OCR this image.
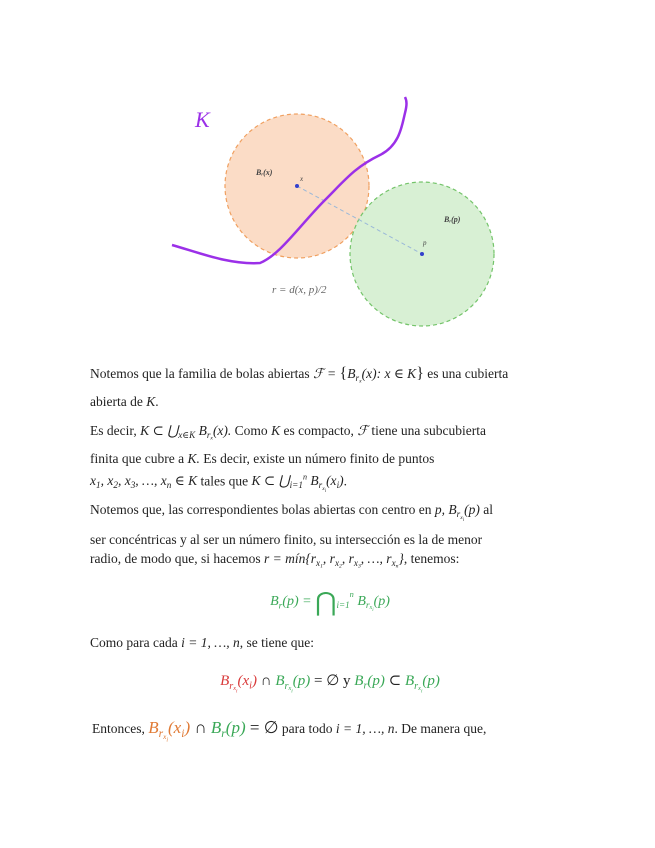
K
Bᵣ(x)
x
Bᵣ(p)
p
r = d(x, p)/2
Notemos que la familia de bolas abiertas ℱ = {$B_{rx}(x)$: x ∈ K} es una cubierta
abierta de K.
Es decir, K ⊂ $⋃_{x\in K}$ $B_{rx}(x)$. Como K es compacto, ℱ tiene una subcubierta
finita que cubre a K. Es decir, existe un número finito de puntos
$x_1$, $x_2$, $x_3$, …, $x_n$ ∈ K tales que K ⊂ $⋃_{i=1}^n$ $B_{rx_i}(x_i)$.
Notemos que, las correspondientes bolas abiertas con centro en p, $B_{rx_i}(p)$ al
ser concéntricas y al ser un número finito, su intersección es la de menor
radio, de modo que, si hacemos $r = mín\{r_{x1}$, $r_{x2}$, $r_{x3}$, …, $r_{xn}$}, tenemos:
$B_r(p)$ = $⋂_{i=1}^n$ $B_{rx_i}(p)$
Como para cada i = 1, …, n, se tiene que:
$B_{rx_i}(x_i)$ ∩ $B_{rx_i}(p)$ = ∅ y $B_r(p)$ ⊂ $B_{rx_i}(p)$
Entonces, $B_{rx_i}(x_i)$ ∩ $B_r(p)$ = ∅ para todo i = 1, …, n. De manera que,
